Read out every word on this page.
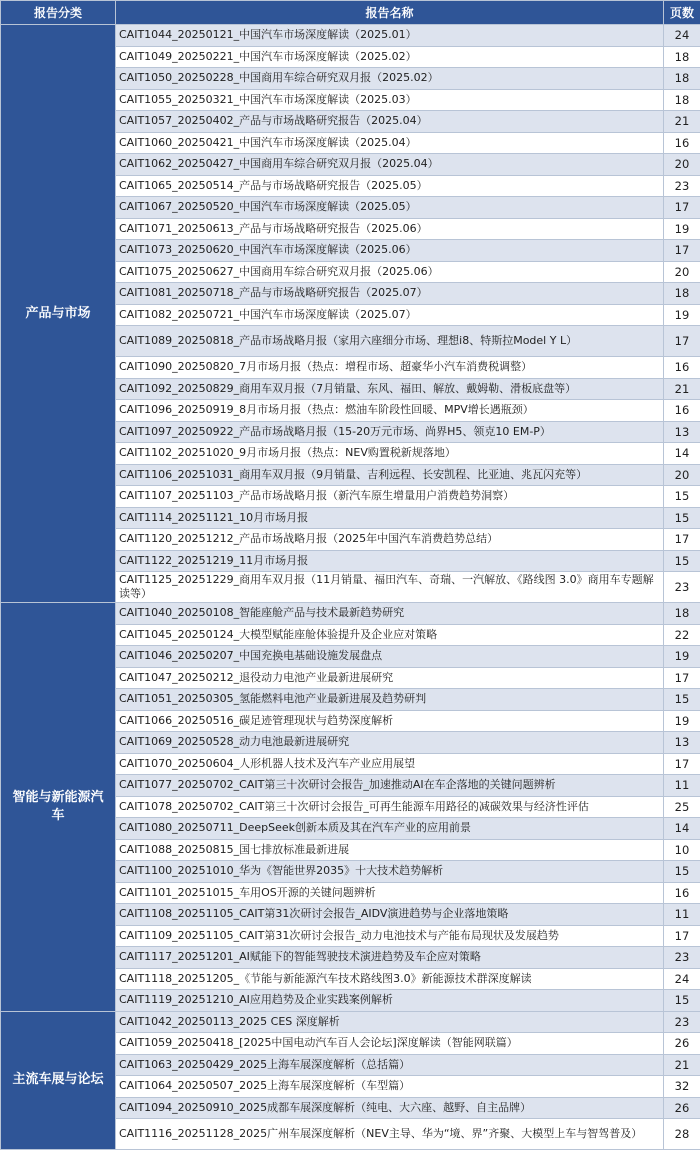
报告分类	报告名称	页数
产品与市场	CAIT1044_20250121_中国汽车市场深度解读（2025.01）	24
	CAIT1049_20250221_中国汽车市场深度解读（2025.02）	18
	CAIT1050_20250228_中国商用车综合研究双月报（2025.02）	18
	CAIT1055_20250321_中国汽车市场深度解读（2025.03）	18
	CAIT1057_20250402_产品与市场战略研究报告（2025.04）	21
	CAIT1060_20250421_中国汽车市场深度解读（2025.04）	16
	CAIT1062_20250427_中国商用车综合研究双月报（2025.04）	20
	CAIT1065_20250514_产品与市场战略研究报告（2025.05）	23
	CAIT1067_20250520_中国汽车市场深度解读（2025.05）	17
	CAIT1071_20250613_产品与市场战略研究报告（2025.06）	19
	CAIT1073_20250620_中国汽车市场深度解读（2025.06）	17
	CAIT1075_20250627_中国商用车综合研究双月报（2025.06）	20
	CAIT1081_20250718_产品与市场战略研究报告（2025.07）	18
	CAIT1082_20250721_中国汽车市场深度解读（2025.07）	19
	CAIT1089_20250818_产品市场战略月报（家用六座细分市场、理想i8、特斯拉Model Y L）	17
	CAIT1090_20250820_7月市场月报（热点：增程市场、超豪华小汽车消费税调整）	16
	CAIT1092_20250829_商用车双月报（7月销量、东风、福田、解放、戴姆勒、滑板底盘等）	21
	CAIT1096_20250919_8月市场月报（热点：燃油车阶段性回暖、MPV增长遇瓶颈）	16
	CAIT1097_20250922_产品市场战略月报（15-20万元市场、尚界H5、领克10 EM-P）	13
	CAIT1102_20251020_9月市场月报（热点：NEV购置税新规落地）	14
	CAIT1106_20251031_商用车双月报（9月销量、吉利远程、长安凯程、比亚迪、兆瓦闪充等）	20
	CAIT1107_20251103_产品市场战略月报（新汽车原生增量用户消费趋势洞察）	15
	CAIT1114_20251121_10月市场月报	15
	CAIT1120_20251212_产品市场战略月报（2025年中国汽车消费趋势总结）	17
	CAIT1122_20251219_11月市场月报	15
	CAIT1125_20251229_商用车双月报（11月销量、福田汽车、奇瑞、一汽解放、《路线图 3.0》商用车专题解读等）	23
智能与新能源汽车	CAIT1040_20250108_智能座舱产品与技术最新趋势研究	18
	CAIT1045_20250124_大模型赋能座舱体验提升及企业应对策略	22
	CAIT1046_20250207_中国充换电基础设施发展盘点	19
	CAIT1047_20250212_退役动力电池产业最新进展研究	17
	CAIT1051_20250305_氢能燃料电池产业最新进展及趋势研判	15
	CAIT1066_20250516_碳足迹管理现状与趋势深度解析	19
	CAIT1069_20250528_动力电池最新进展研究	13
	CAIT1070_20250604_人形机器人技术及汽车产业应用展望	17
	CAIT1077_20250702_CAIT第三十次研讨会报告_加速推动AI在车企落地的关键问题辨析	11
	CAIT1078_20250702_CAIT第三十次研讨会报告_可再生能源车用路径的减碳效果与经济性评估	25
	CAIT1080_20250711_DeepSeek创新本质及其在汽车产业的应用前景	14
	CAIT1088_20250815_国七排放标准最新进展	10
	CAIT1100_20251010_华为《智能世界2035》十大技术趋势解析	15
	CAIT1101_20251015_车用OS开源的关键问题辨析	16
	CAIT1108_20251105_CAIT第31次研讨会报告_AIDV演进趋势与企业落地策略	11
	CAIT1109_20251105_CAIT第31次研讨会报告_动力电池技术与产能布局现状及发展趋势	17
	CAIT1117_20251201_AI赋能下的智能驾驶技术演进趋势及车企应对策略	23
	CAIT1118_20251205_《节能与新能源汽车技术路线图3.0》新能源技术群深度解读	24
	CAIT1119_20251210_AI应用趋势及企业实践案例解析	15
主流车展与论坛	CAIT1042_20250113_2025 CES 深度解析	23
	CAIT1059_20250418_[2025中国电动汽车百人会论坛]深度解读（智能网联篇）	26
	CAIT1063_20250429_2025上海车展深度解析（总括篇）	21
	CAIT1064_20250507_2025上海车展深度解析（车型篇）	32
	CAIT1094_20250910_2025成都车展深度解析（纯电、大六座、越野、自主品牌）	26
	CAIT1116_20251128_2025广州车展深度解析（NEV主导、华为“境、界”齐聚、大模型上车与智驾普及）	28
